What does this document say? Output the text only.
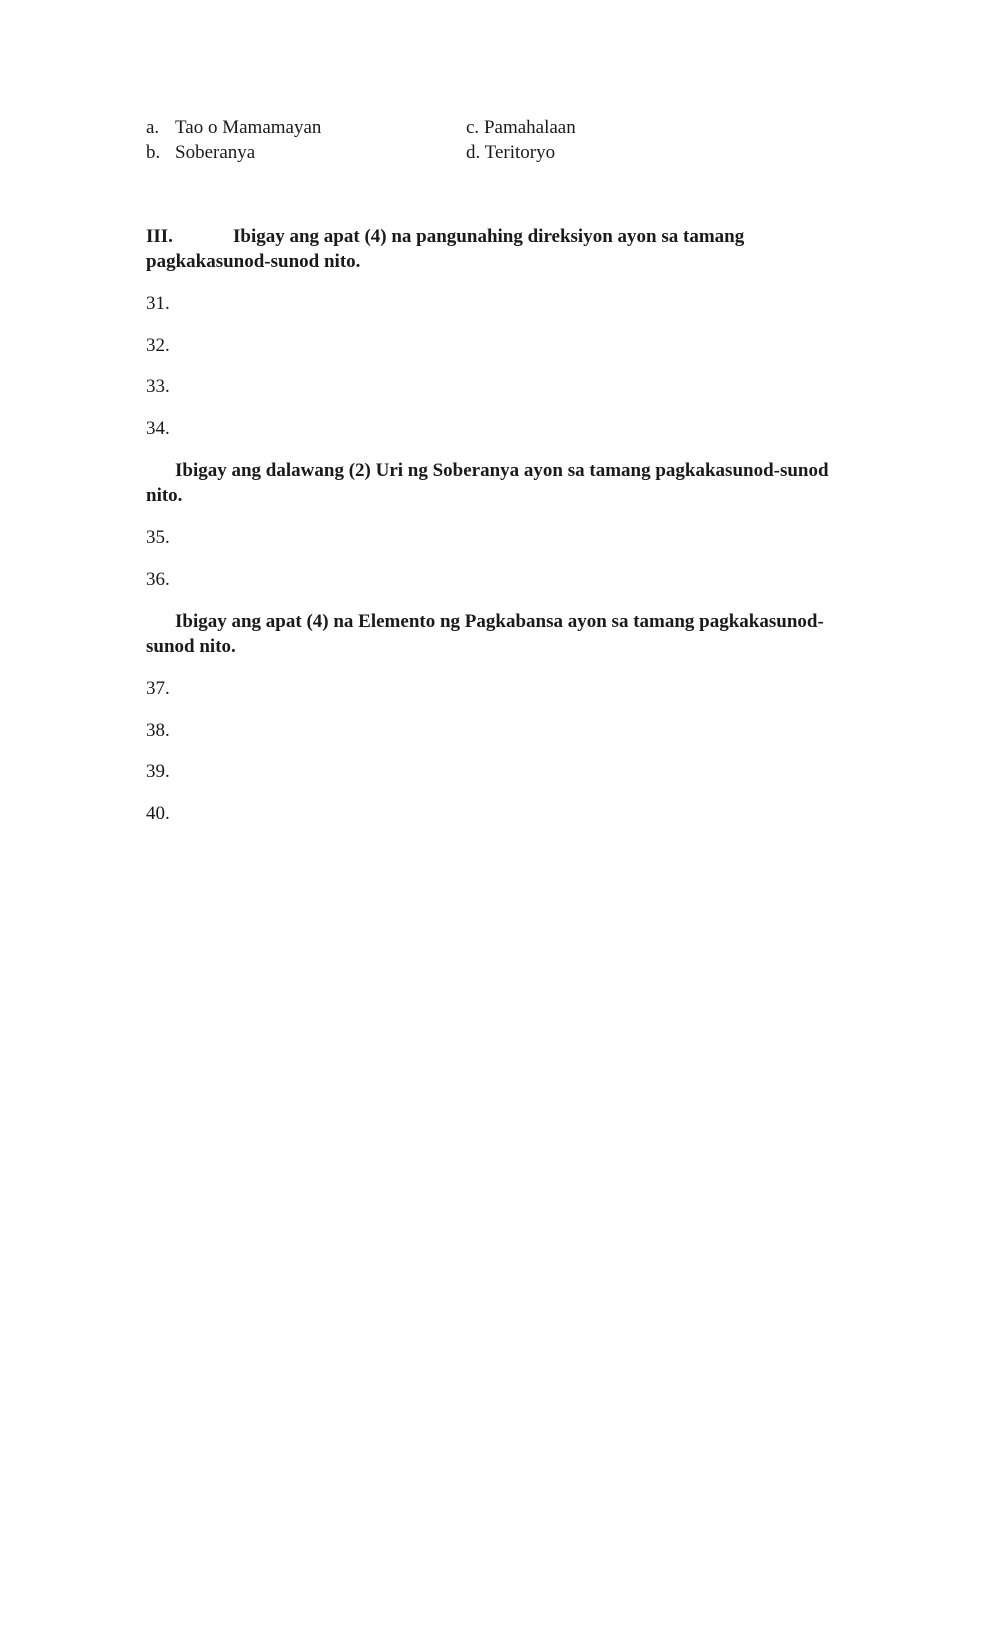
a. Tao o Mamamayan
b. Soberanya
c. Pamahalaan
d. Teritoryo
III.	Ibigay ang apat (4) na pangunahing direksiyon ayon sa tamang
pagkakasunod-sunod nito.
31.
32.
33.
34.
Ibigay ang dalawang (2) Uri ng Soberanya ayon sa tamang pagkakasunod-sunod
nito.
35.
36.
Ibigay ang apat (4) na Elemento ng Pagkabansa ayon sa tamang pagkakasunod-
sunod nito.
37.
38.
39.
40.
